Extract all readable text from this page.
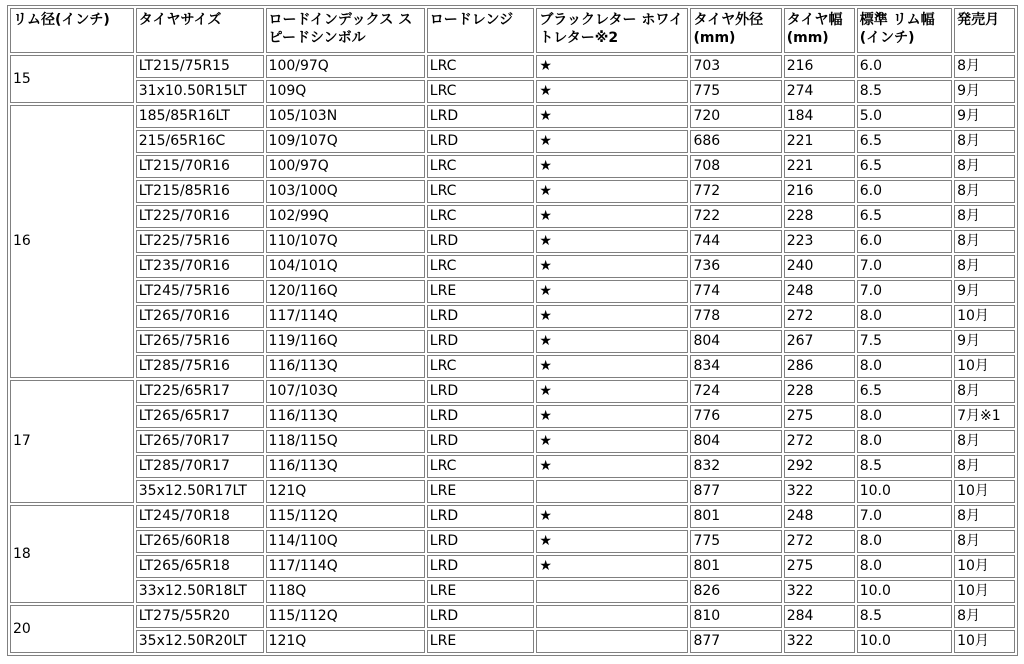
リム径(インチ)	タイヤサイズ	ロードインデックス スピードシンボル	ロードレンジ	ブラックレター ホワイトレター※2	タイヤ外径 (mm)	タイヤ幅 (mm)	標準 リム幅 (インチ)	発売月
15	LT215/75R15	100/97Q	LRC	★	703	216	6.0	8月
	31x10.50R15LT	109Q	LRC	★	775	274	8.5	9月
16	185/85R16LT	105/103N	LRD	★	720	184	5.0	9月
	215/65R16C	109/107Q	LRD	★	686	221	6.5	8月
	LT215/70R16	100/97Q	LRC	★	708	221	6.5	8月
	LT215/85R16	103/100Q	LRC	★	772	216	6.0	8月
	LT225/70R16	102/99Q	LRC	★	722	228	6.5	8月
	LT225/75R16	110/107Q	LRD	★	744	223	6.0	8月
	LT235/70R16	104/101Q	LRC	★	736	240	7.0	8月
	LT245/75R16	120/116Q	LRE	★	774	248	7.0	9月
	LT265/70R16	117/114Q	LRD	★	778	272	8.0	10月
	LT265/75R16	119/116Q	LRD	★	804	267	7.5	9月
	LT285/75R16	116/113Q	LRC	★	834	286	8.0	10月
17	LT225/65R17	107/103Q	LRD	★	724	228	6.5	8月
	LT265/65R17	116/113Q	LRD	★	776	275	8.0	7月※1
	LT265/70R17	118/115Q	LRD	★	804	272	8.0	8月
	LT285/70R17	116/113Q	LRC	★	832	292	8.5	8月
	35x12.50R17LT	121Q	LRE		877	322	10.0	10月
18	LT245/70R18	115/112Q	LRD	★	801	248	7.0	8月
	LT265/60R18	114/110Q	LRD	★	775	272	8.0	8月
	LT265/65R18	117/114Q	LRD	★	801	275	8.0	10月
	33x12.50R18LT	118Q	LRE		826	322	10.0	10月
20	LT275/55R20	115/112Q	LRD		810	284	8.5	8月
	35x12.50R20LT	121Q	LRE		877	322	10.0	10月
